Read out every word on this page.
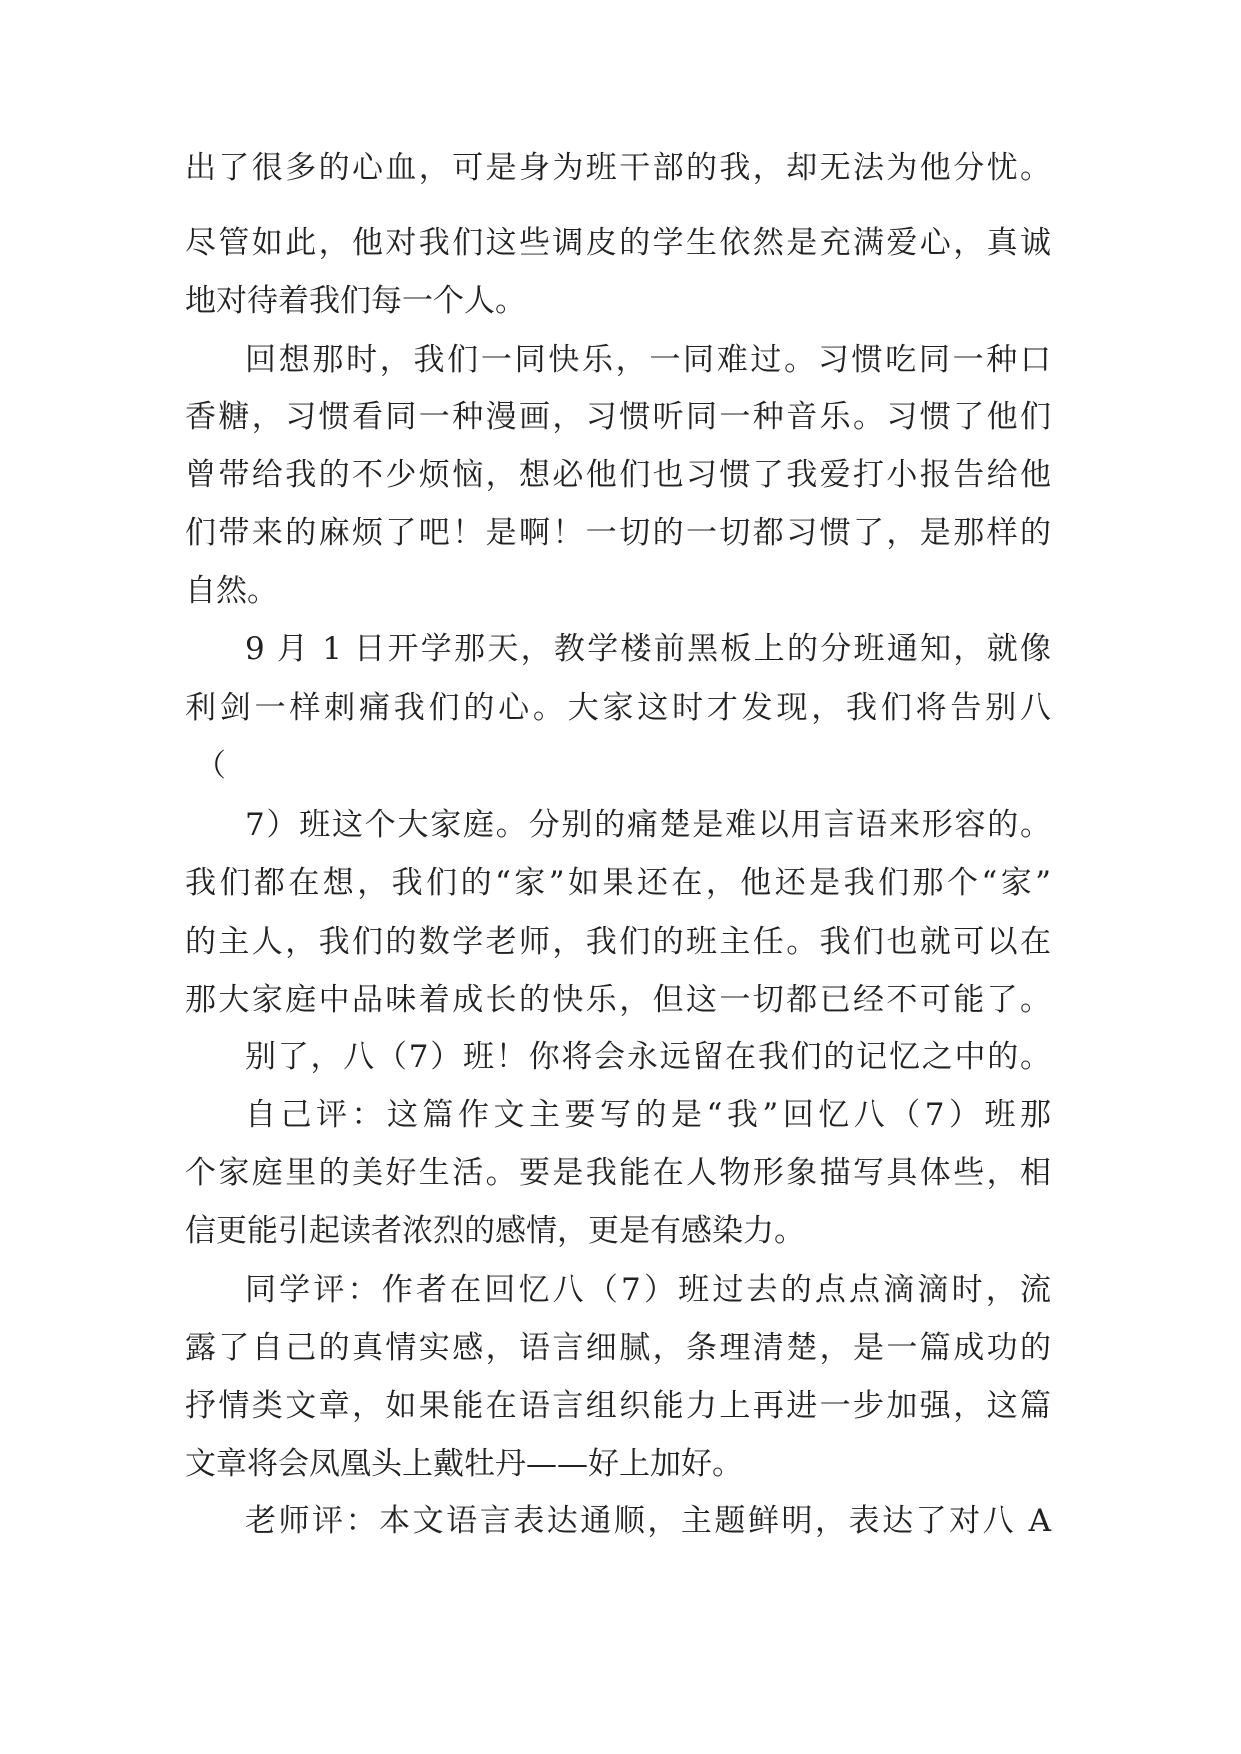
出了很多的心血，可是身为班干部的我，却无法为他分忧。

尽管如此，他对我们这些调皮的学生依然是充满爱心，真诚

地对待着我们每一个人。

回想那时，我们一同快乐，一同难过。习惯吃同一种口

香糖，习惯看同一种漫画，习惯听同一种音乐。习惯了他们

曾带给我的不少烦恼，想必他们也习惯了我爱打小报告给他

们带来的麻烦了吧！是啊！一切的一切都习惯了，是那样的

自然。

9 月 1 日开学那天，教学楼前黑板上的分班通知，就像

利剑一样刺痛我们的心。大家这时才发现，我们将告别八

（

7）班这个大家庭。分别的痛楚是难以用言语来形容的。

我们都在想，我们的“家”如果还在，他还是我们那个“家”

的主人，我们的数学老师，我们的班主任。我们也就可以在

那大家庭中品味着成长的快乐，但这一切都已经不可能了。

别了，八（7）班！你将会永远留在我们的记忆之中的。

自己评：这篇作文主要写的是“我”回忆八（7）班那

个家庭里的美好生活。要是我能在人物形象描写具体些，相

信更能引起读者浓烈的感情，更是有感染力。

同学评：作者在回忆八（7）班过去的点点滴滴时，流

露了自己的真情实感，语言细腻，条理清楚，是一篇成功的

抒情类文章，如果能在语言组织能力上再进一步加强，这篇

文章将会凤凰头上戴牡丹——好上加好。

老师评：本文语言表达通顺，主题鲜明，表达了对八 A
